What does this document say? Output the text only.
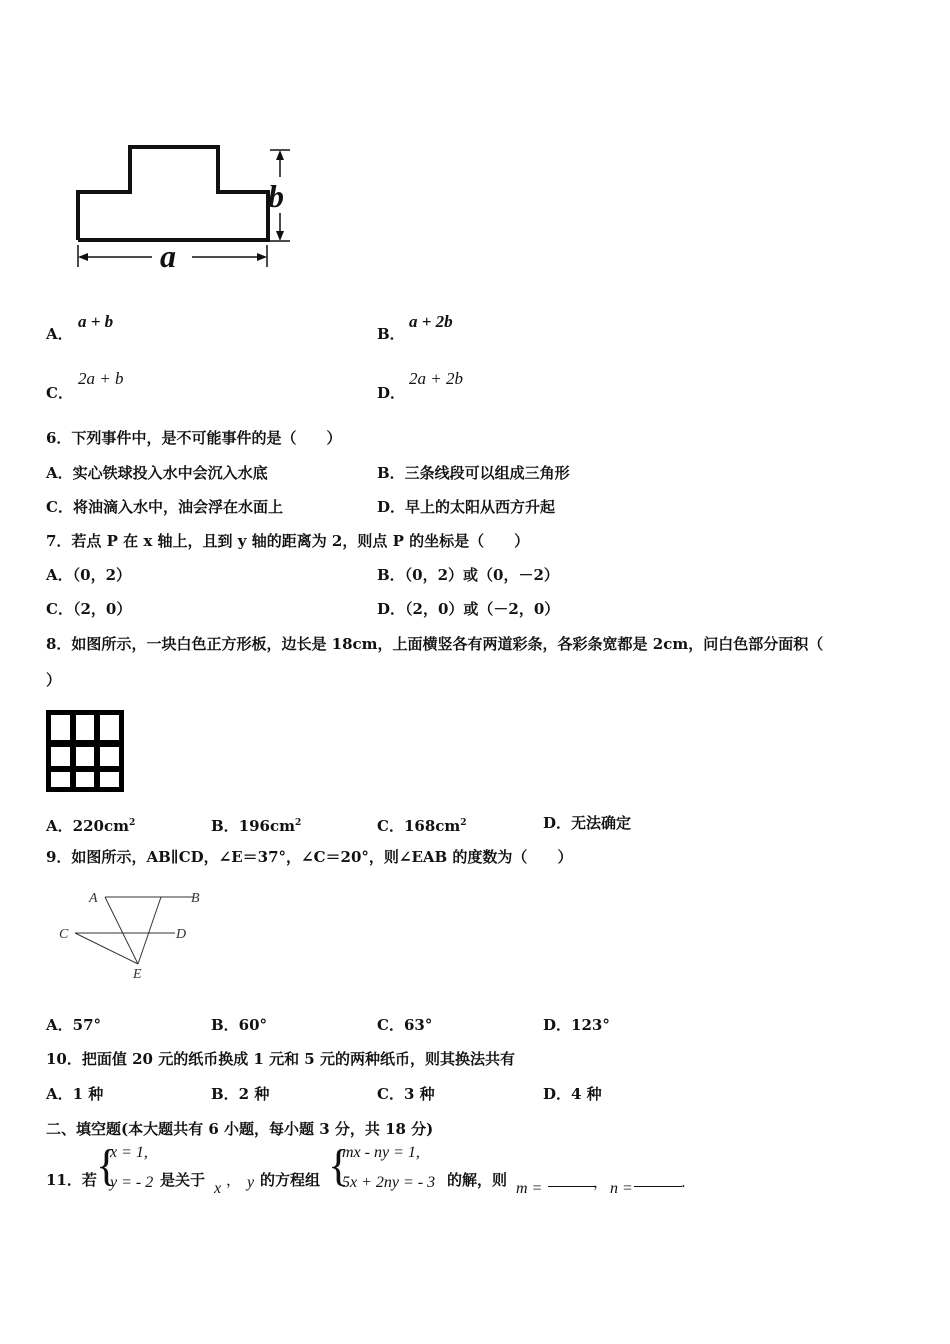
a
b
A．
a + b
B．
a + 2b
C．
2a + b
D．
2a + 2b
6．下列事件中，是不可能事件的是（　　）
A．实心铁球投入水中会沉入水底	B．三条线段可以组成三角形
C．将油滴入水中，油会浮在水面上	D．早上的太阳从西方升起
7．若点 P 在 x 轴上，且到 y 轴的距离为 2，则点 P 的坐标是（　　）
A．（0，2）	B．（0，2）或（0，－2）
C．（2，0）	D．（2，0）或（－2，0）
8．如图所示，一块白色正方形板，边长是 18cm，上面横竖各有两道彩条，各彩条宽都是 2cm，问白色部分面积（
）
A．$220cm^2$	B．$196cm^2$	C．$168cm^2$	D．无法确定
9．如图所示，AB∥CD，∠E＝37°，∠C＝20°，则∠EAB 的度数为（　　）
A	B
C	D
E
A．57°	B．60°	C．63°	D．123°
10．把面值 20 元的纸币换成 1 元和 5 元的两种纸币，则其换法共有
A．1 种	B．2 种	C．3 种	D．4 种
二、填空题(本大题共有 6 小题，每小题 3 分，共 18 分)
11．若 {
x = 1,
y = - 2 是关于 x ， y 的方程组 {
mx - ny = 1,
5x + 2ny = - 3 的解，则 m =	， n =	.
